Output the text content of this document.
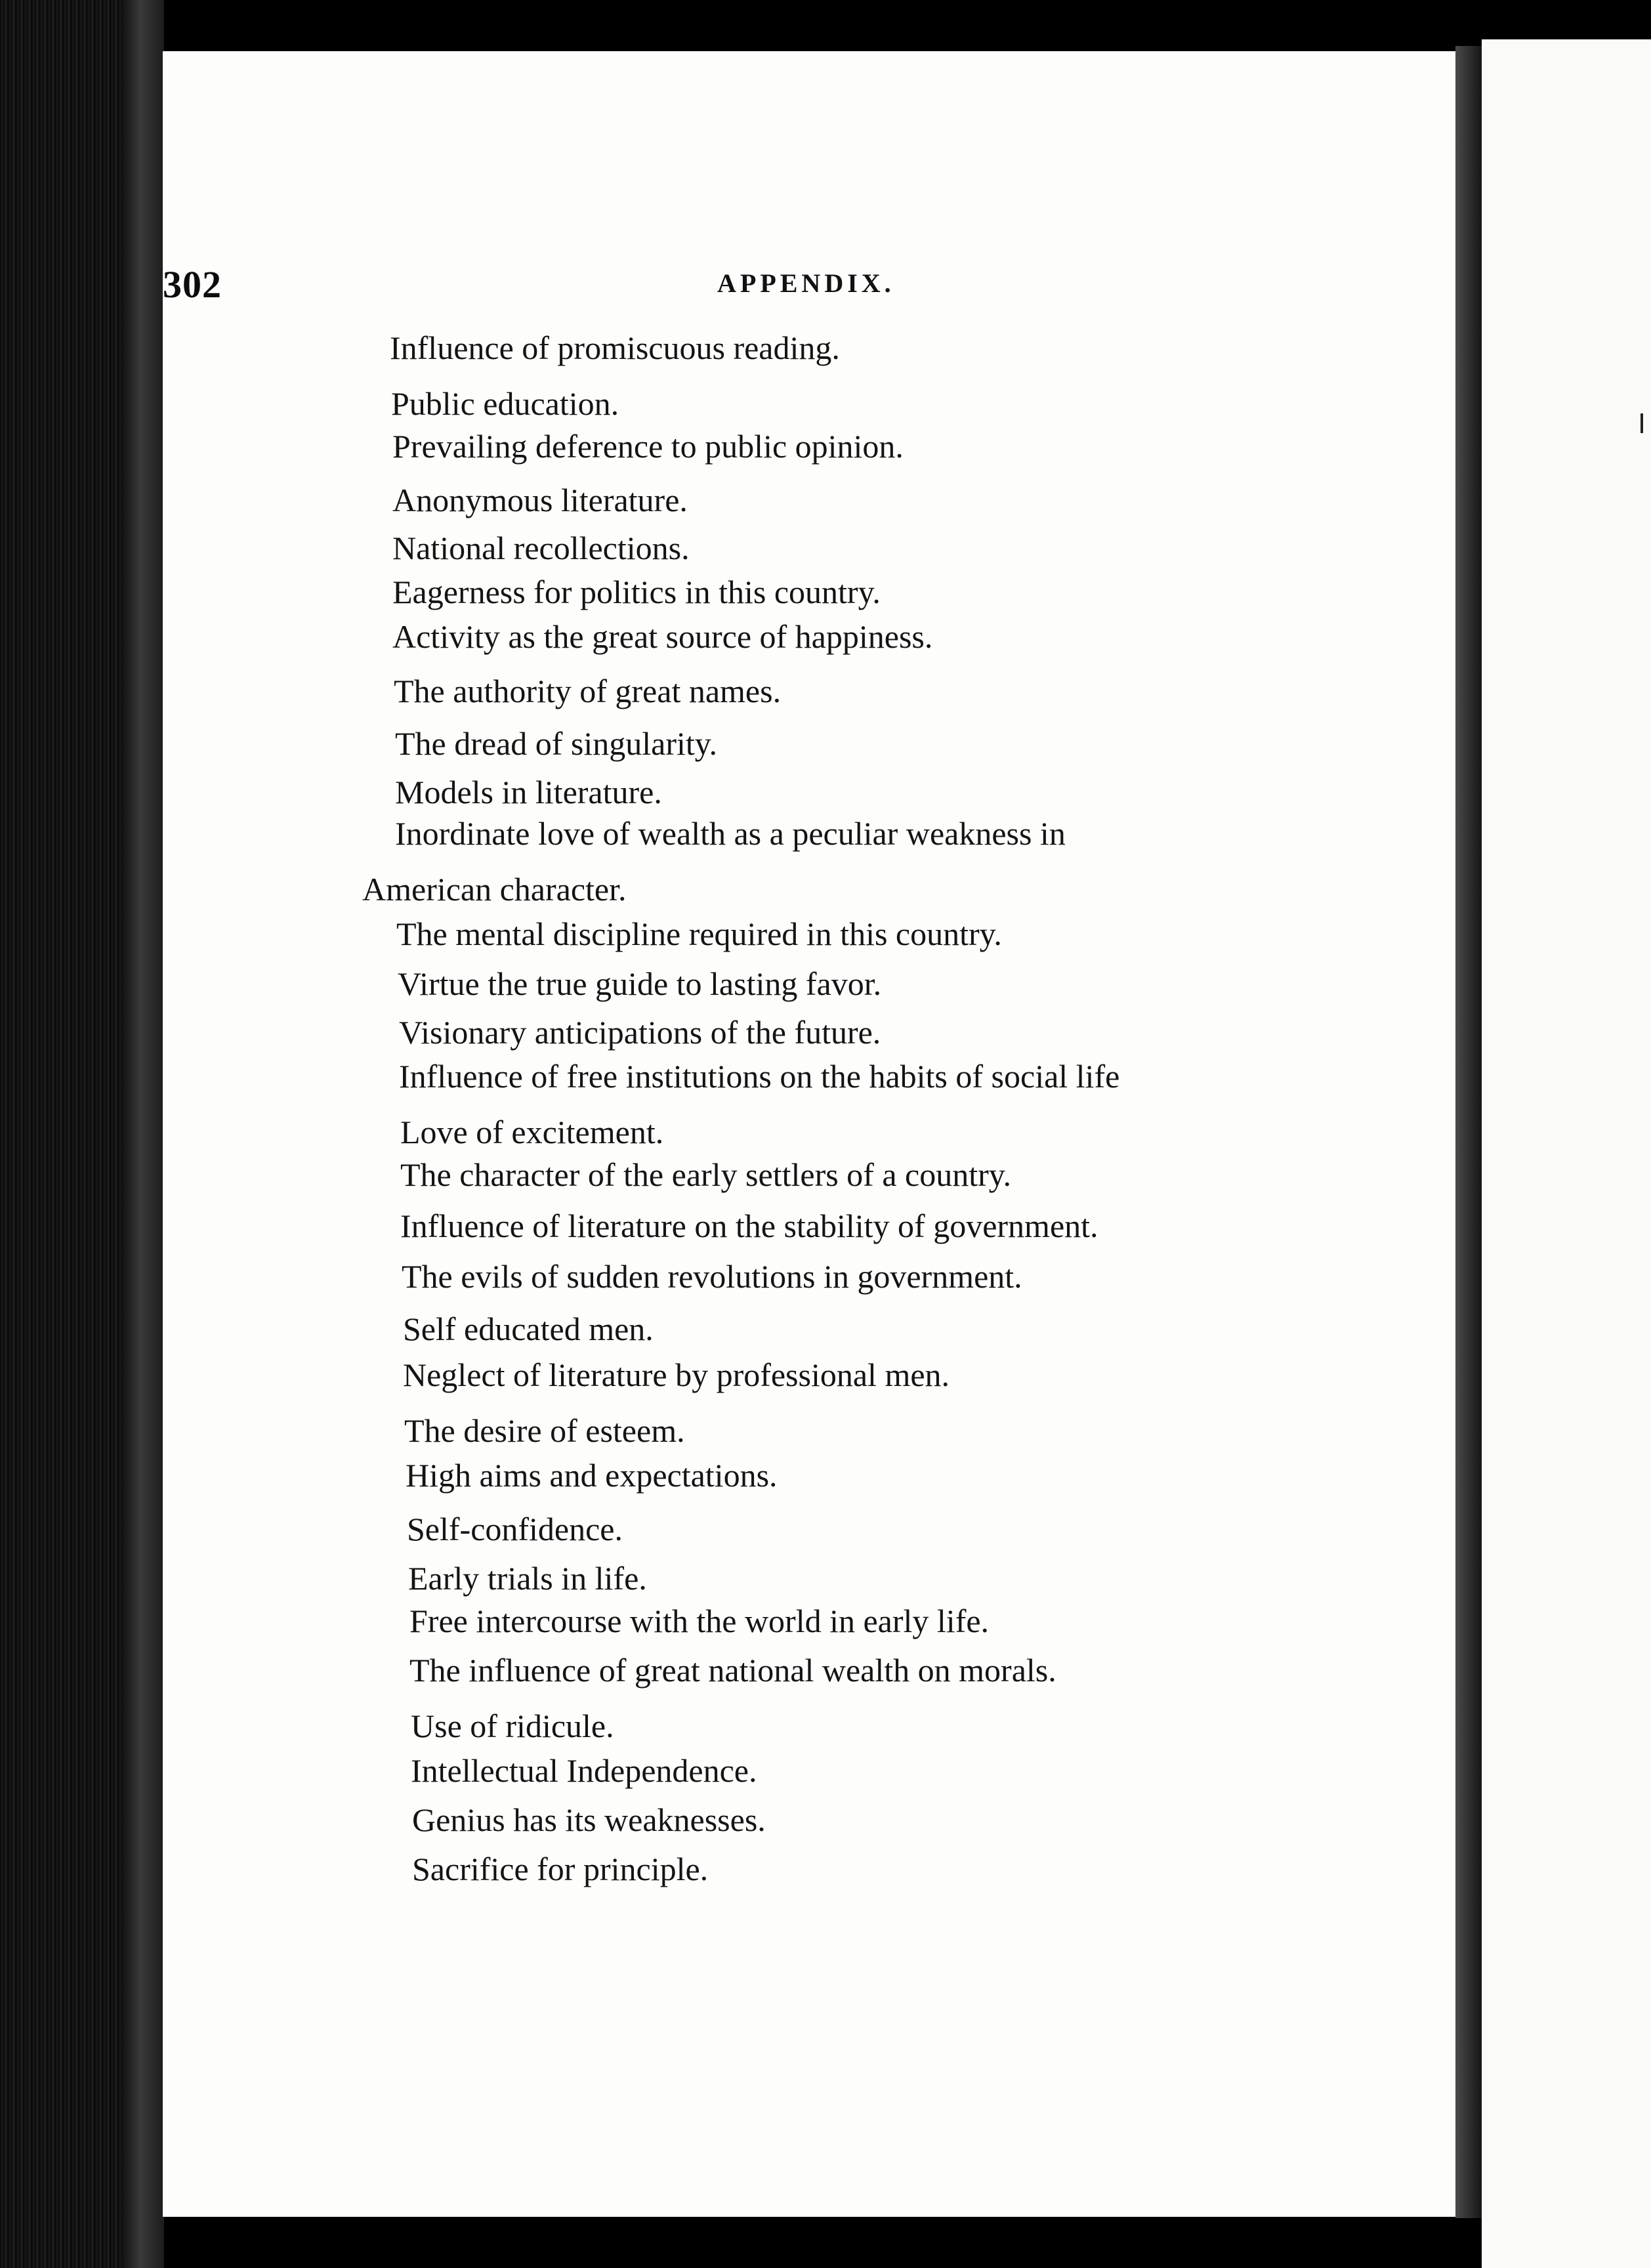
302	APPENDIX.
Influence of promiscuous reading.
Public education.
Prevailing deference to public opinion.
Anonymous literature.
National recollections.
Eagerness for politics in this country.
Activity as the great source of happiness.
The authority of great names.
The dread of singularity.
Models in literature.
Inordinate love of wealth as a peculiar weakness in
American character.
The mental discipline required in this country.
Virtue the true guide to lasting favor.
Visionary anticipations of the future.
Influence of free institutions on the habits of social life
Love of excitement.
The character of the early settlers of a country.
Influence of literature on the stability of government.
The evils of sudden revolutions in government.
Self educated men.
Neglect of literature by professional men.
The desire of esteem.
High aims and expectations.
Self-confidence.
Early trials in life.
Free intercourse with the world in early life.
The influence of great national wealth on morals.
Use of ridicule.
Intellectual Independence.
Genius has its weaknesses.
Sacrifice for principle.
